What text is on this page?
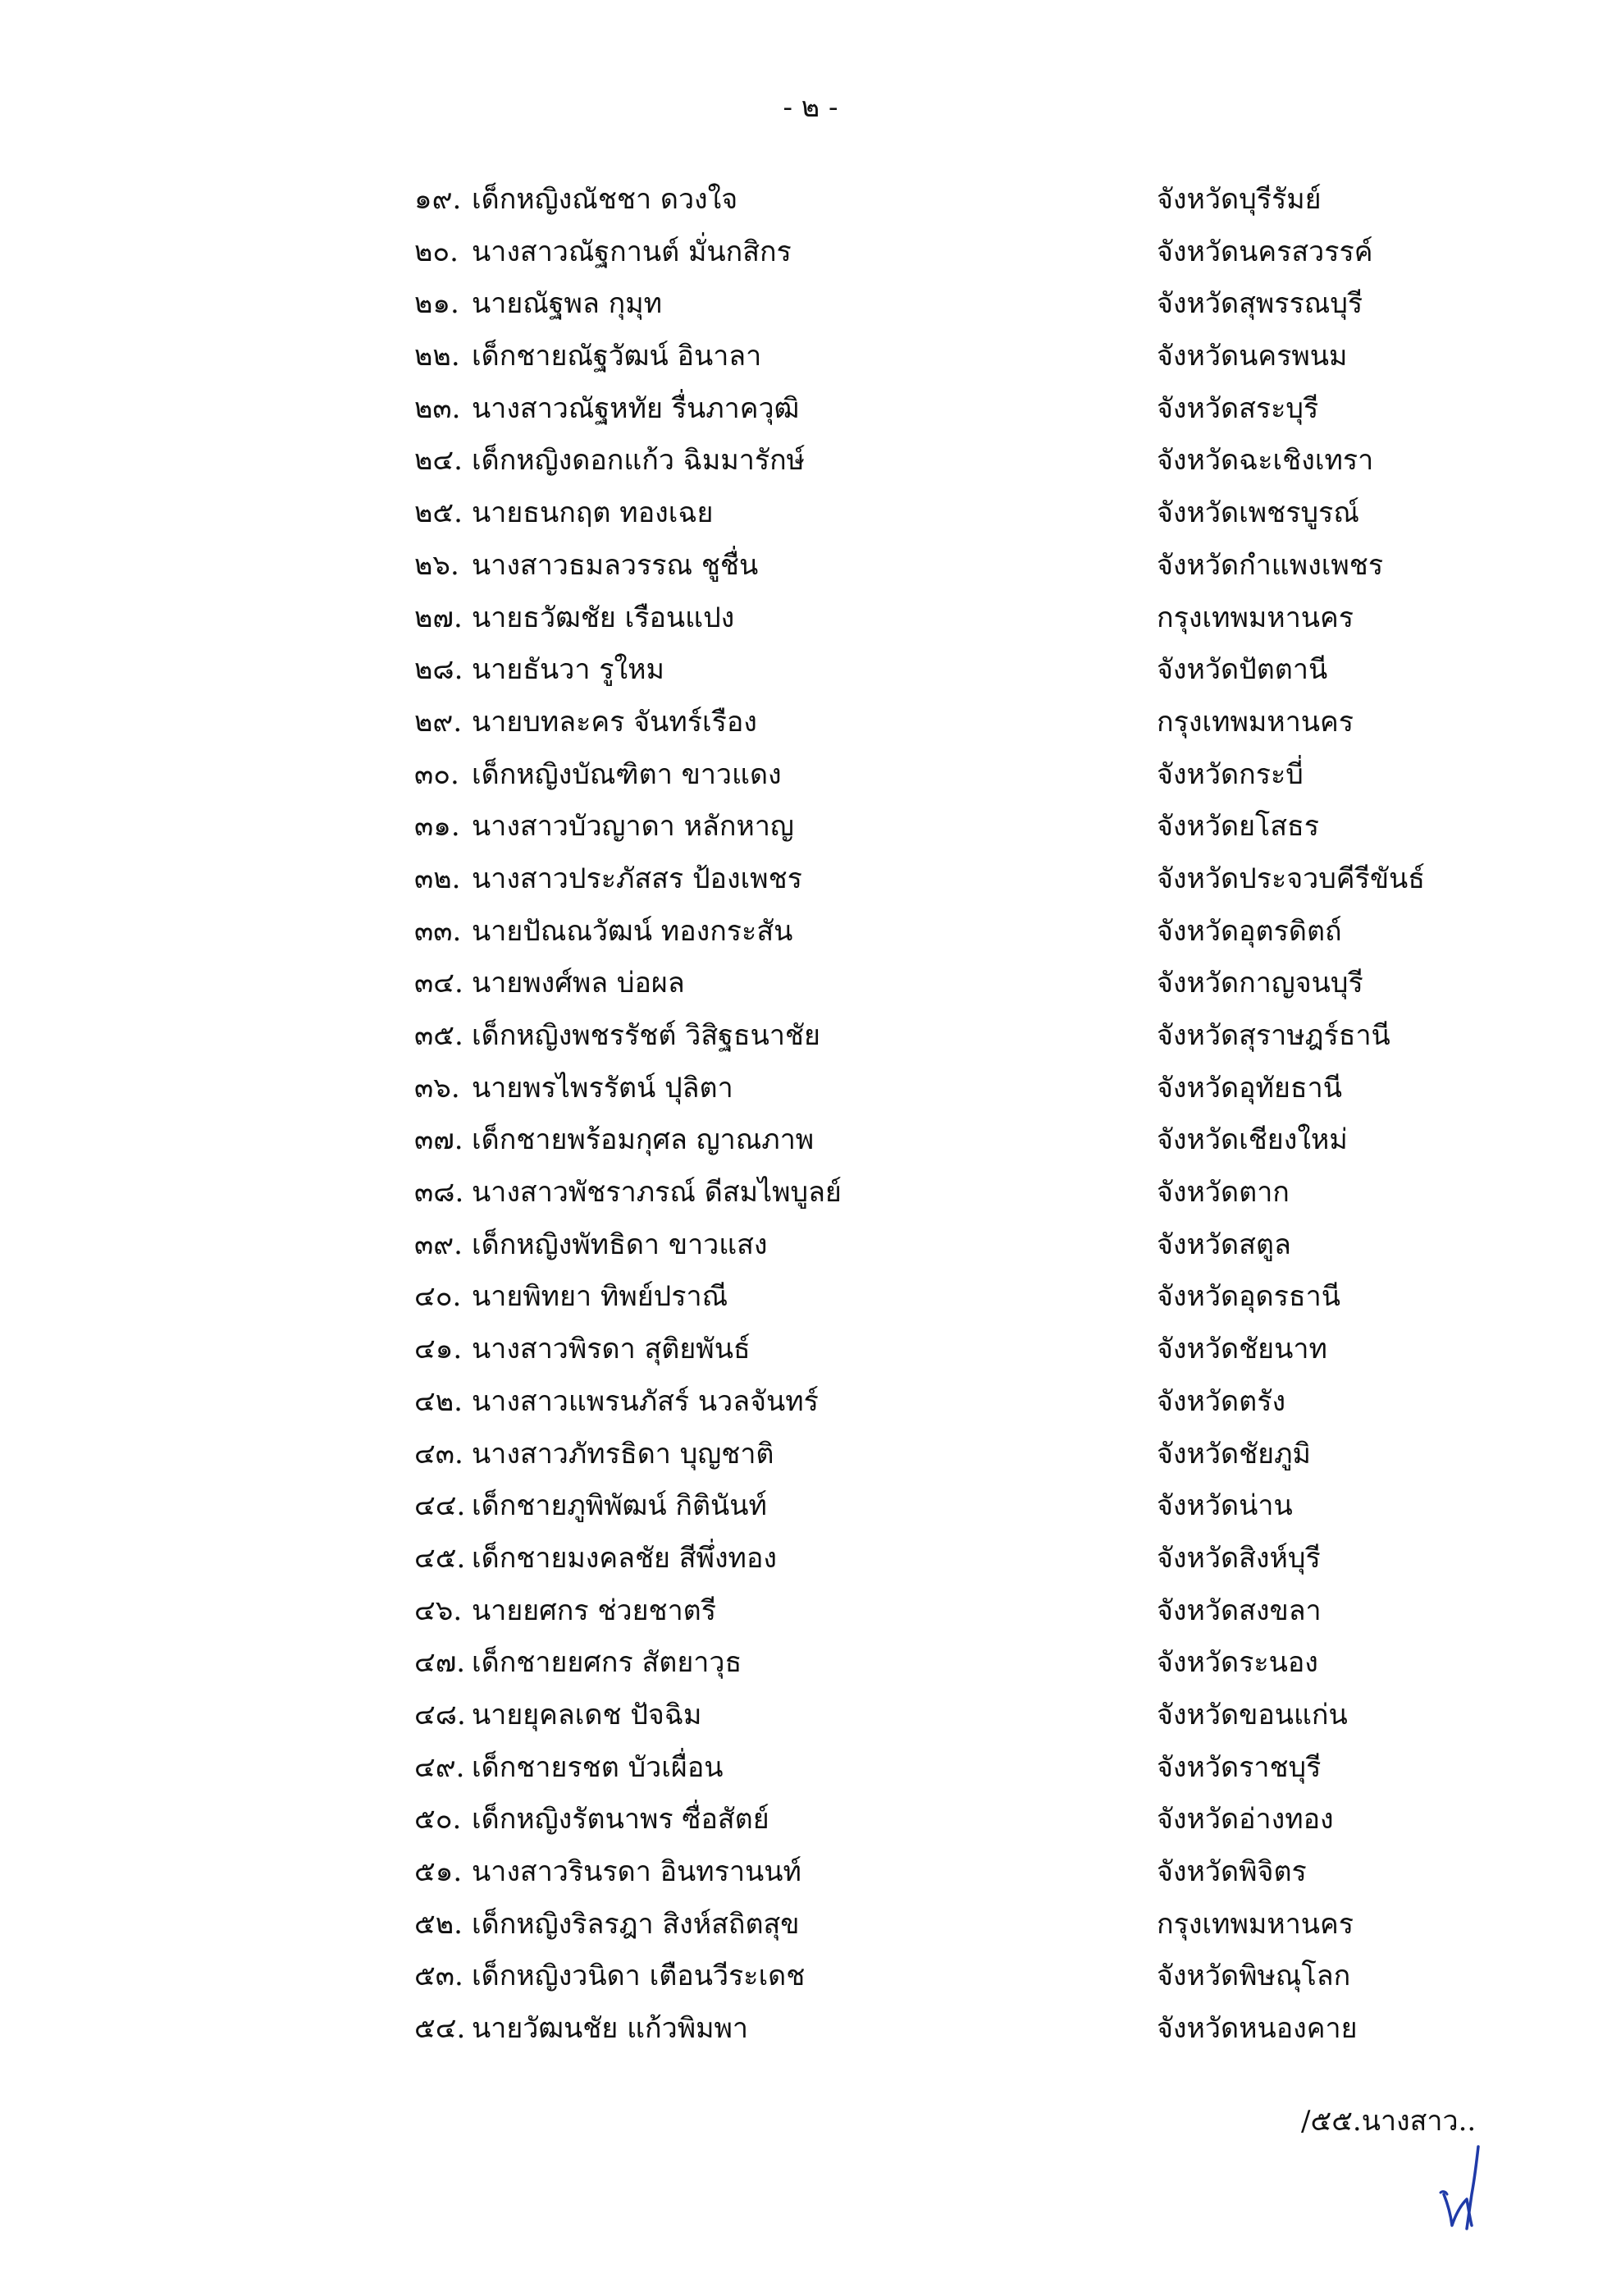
- ๒ -
๑๙. เด็กหญิงณัชชา ดวงใจ	จังหวัดบุรีรัมย์
๒๐. นางสาวณัฐกานต์ มั่นกสิกร	จังหวัดนครสวรรค์
๒๑. นายณัฐพล กุมุท	จังหวัดสุพรรณบุรี
๒๒. เด็กชายณัฐวัฒน์ อินาลา	จังหวัดนครพนม
๒๓. นางสาวณัฐหทัย รื่นภาควุฒิ	จังหวัดสระบุรี
๒๔. เด็กหญิงดอกแก้ว ฉิมมารักษ์	จังหวัดฉะเชิงเทรา
๒๕. นายธนกฤต ทองเฉย	จังหวัดเพชรบูรณ์
๒๖. นางสาวธมลวรรณ ชูชื่น	จังหวัดกำแพงเพชร
๒๗. นายธวัฒชัย เรือนแปง	กรุงเทพมหานคร
๒๘. นายธันวา รูใหม	จังหวัดปัตตานี
๒๙. นายบทละคร จันทร์เรือง	กรุงเทพมหานคร
๓๐. เด็กหญิงบัณฑิตา ขาวแดง	จังหวัดกระบี่
๓๑. นางสาวบัวญาดา หลักหาญ	จังหวัดยโสธร
๓๒. นางสาวประภัสสร ป้องเพชร	จังหวัดประจวบคีรีขันธ์
๓๓. นายปัณณวัฒน์ ทองกระสัน	จังหวัดอุตรดิตถ์
๓๔. นายพงศ์พล บ่อผล	จังหวัดกาญจนบุรี
๓๕. เด็กหญิงพชรรัชต์ วิสิฐธนาชัย	จังหวัดสุราษฎร์ธานี
๓๖. นายพรไพรรัตน์ ปุลิตา	จังหวัดอุทัยธานี
๓๗. เด็กชายพร้อมกุศล ญาณภาพ	จังหวัดเชียงใหม่
๓๘. นางสาวพัชราภรณ์ ดีสมไพบูลย์	จังหวัดตาก
๓๙. เด็กหญิงพัทธิดา ขาวแสง	จังหวัดสตูล
๔๐. นายพิทยา ทิพย์ปราณี	จังหวัดอุดรธานี
๔๑. นางสาวพิรดา สุติยพันธ์	จังหวัดชัยนาท
๔๒. นางสาวแพรนภัสร์ นวลจันทร์	จังหวัดตรัง
๔๓. นางสาวภัทรธิดา บุญชาติ	จังหวัดชัยภูมิ
๔๔. เด็กชายภูพิพัฒน์ กิตินันท์	จังหวัดน่าน
๔๕. เด็กชายมงคลชัย สีพึ่งทอง	จังหวัดสิงห์บุรี
๔๖. นายยศกร ช่วยชาตรี	จังหวัดสงขลา
๔๗. เด็กชายยศกร สัตยาวุธ	จังหวัดระนอง
๔๘. นายยุคลเดช ปัจฉิม	จังหวัดขอนแก่น
๔๙. เด็กชายรชต บัวเผื่อน	จังหวัดราชบุรี
๕๐. เด็กหญิงรัตนาพร ซื่อสัตย์	จังหวัดอ่างทอง
๕๑. นางสาวรินรดา อินทรานนท์	จังหวัดพิจิตร
๕๒. เด็กหญิงริลรฎา สิงห์สถิตสุข	กรุงเทพมหานคร
๕๓. เด็กหญิงวนิดา เตือนวีระเดช	จังหวัดพิษณุโลก
๕๔. นายวัฒนชัย แก้วพิมพา	จังหวัดหนองคาย
/๕๕.นางสาว..
